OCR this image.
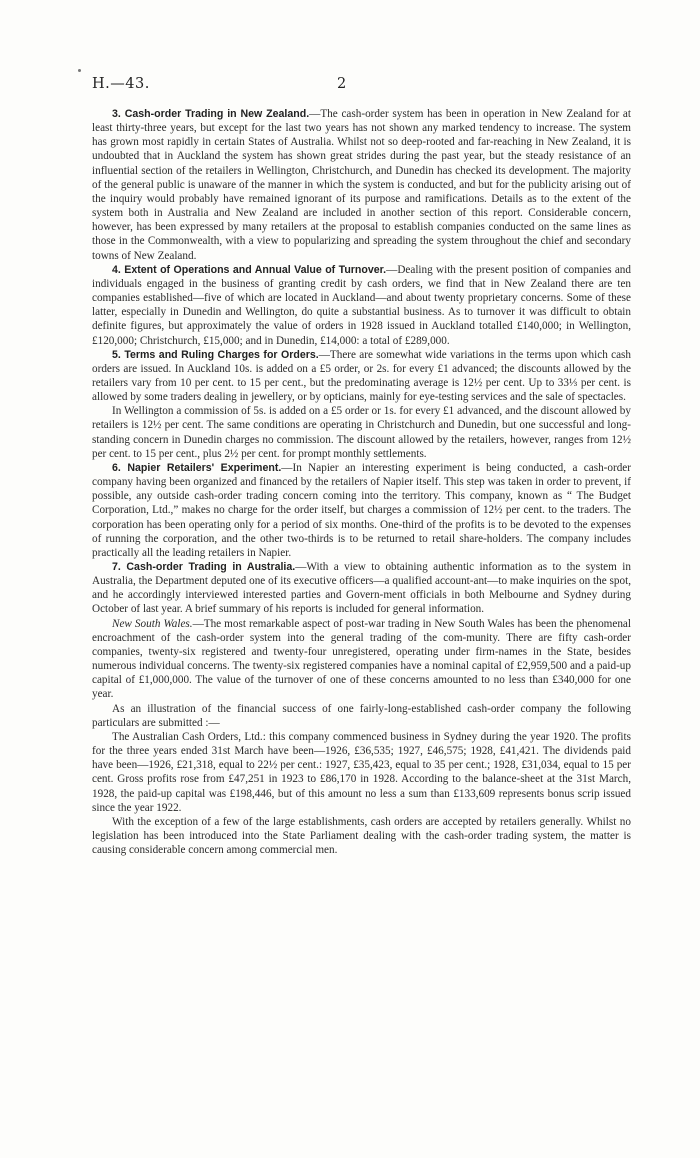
H.—43.	2

3. Cash-order Trading in New Zealand.—The cash-order system has been in operation in New Zealand for at least thirty-three years, but except for the last two years has not shown any marked tendency to increase. The system has grown most rapidly in certain States of Australia. Whilst not so deep-rooted and far-reaching in New Zealand, it is undoubted that in Auckland the system has shown great strides during the past year, but the steady resistance of an influential section of the retailers in Wellington, Christchurch, and Dunedin has checked its development. The majority of the general public is unaware of the manner in which the system is conducted, and but for the publicity arising out of the inquiry would probably have remained ignorant of its purpose and ramifications. Details as to the extent of the system both in Australia and New Zealand are included in another section of this report. Considerable concern, however, has been expressed by many retailers at the proposal to establish companies conducted on the same lines as those in the Commonwealth, with a view to popularizing and spreading the system throughout the chief and secondary towns of New Zealand.

4. Extent of Operations and Annual Value of Turnover.—Dealing with the present position of companies and individuals engaged in the business of granting credit by cash orders, we find that in New Zealand there are ten companies established—five of which are located in Auckland—and about twenty proprietary concerns. Some of these latter, especially in Dunedin and Wellington, do quite a substantial business. As to turnover it was difficult to obtain definite figures, but approximately the value of orders in 1928 issued in Auckland totalled £140,000; in Wellington, £120,000; Christchurch, £15,000; and in Dunedin, £14,000: a total of £289,000.

5. Terms and Ruling Charges for Orders.—There are somewhat wide variations in the terms upon which cash orders are issued. In Auckland 10s. is added on a £5 order, or 2s. for every £1 advanced; the discounts allowed by the retailers vary from 10 per cent. to 15 per cent., but the predominating average is 12½ per cent. Up to 33⅓ per cent. is allowed by some traders dealing in jewellery, or by opticians, mainly for eye-testing services and the sale of spectacles.

In Wellington a commission of 5s. is added on a £5 order or 1s. for every £1 advanced, and the discount allowed by retailers is 12½ per cent. The same conditions are operating in Christchurch and Dunedin, but one successful and long-standing concern in Dunedin charges no commission. The discount allowed by the retailers, however, ranges from 12½ per cent. to 15 per cent., plus 2½ per cent. for prompt monthly settlements.

6. Napier Retailers' Experiment.—In Napier an interesting experiment is being conducted, a cash-order company having been organized and financed by the retailers of Napier itself. This step was taken in order to prevent, if possible, any outside cash-order trading concern coming into the territory. This company, known as “ The Budget Corporation, Ltd.,” makes no charge for the order itself, but charges a commission of 12½ per cent. to the traders. The corporation has been operating only for a period of six months. One-third of the profits is to be devoted to the expenses of running the corporation, and the other two-thirds is to be returned to retail share-holders. The company includes practically all the leading retailers in Napier.

7. Cash-order Trading in Australia.—With a view to obtaining authentic information as to the system in Australia, the Department deputed one of its executive officers—a qualified account-ant—to make inquiries on the spot, and he accordingly interviewed interested parties and Govern-ment officials in both Melbourne and Sydney during October of last year. A brief summary of his reports is included for general information.

New South Wales.—The most remarkable aspect of post-war trading in New South Wales has been the phenomenal encroachment of the cash-order system into the general trading of the com-munity. There are fifty cash-order companies, twenty-six registered and twenty-four unregistered, operating under firm-names in the State, besides numerous individual concerns. The twenty-six registered companies have a nominal capital of £2,959,500 and a paid-up capital of £1,000,000. The value of the turnover of one of these concerns amounted to no less than £340,000 for one year.

As an illustration of the financial success of one fairly-long-established cash-order company the following particulars are submitted :—

The Australian Cash Orders, Ltd.: this company commenced business in Sydney during the year 1920. The profits for the three years ended 31st March have been—1926, £36,535; 1927, £46,575; 1928, £41,421. The dividends paid have been—1926, £21,318, equal to 22½ per cent.: 1927, £35,423, equal to 35 per cent.; 1928, £31,034, equal to 15 per cent. Gross profits rose from £47,251 in 1923 to £86,170 in 1928. According to the balance-sheet at the 31st March, 1928, the paid-up capital was £198,446, but of this amount no less a sum than £133,609 represents bonus scrip issued since the year 1922.

With the exception of a few of the large establishments, cash orders are accepted by retailers generally. Whilst no legislation has been introduced into the State Parliament dealing with the cash-order trading system, the matter is causing considerable concern among commercial men.
